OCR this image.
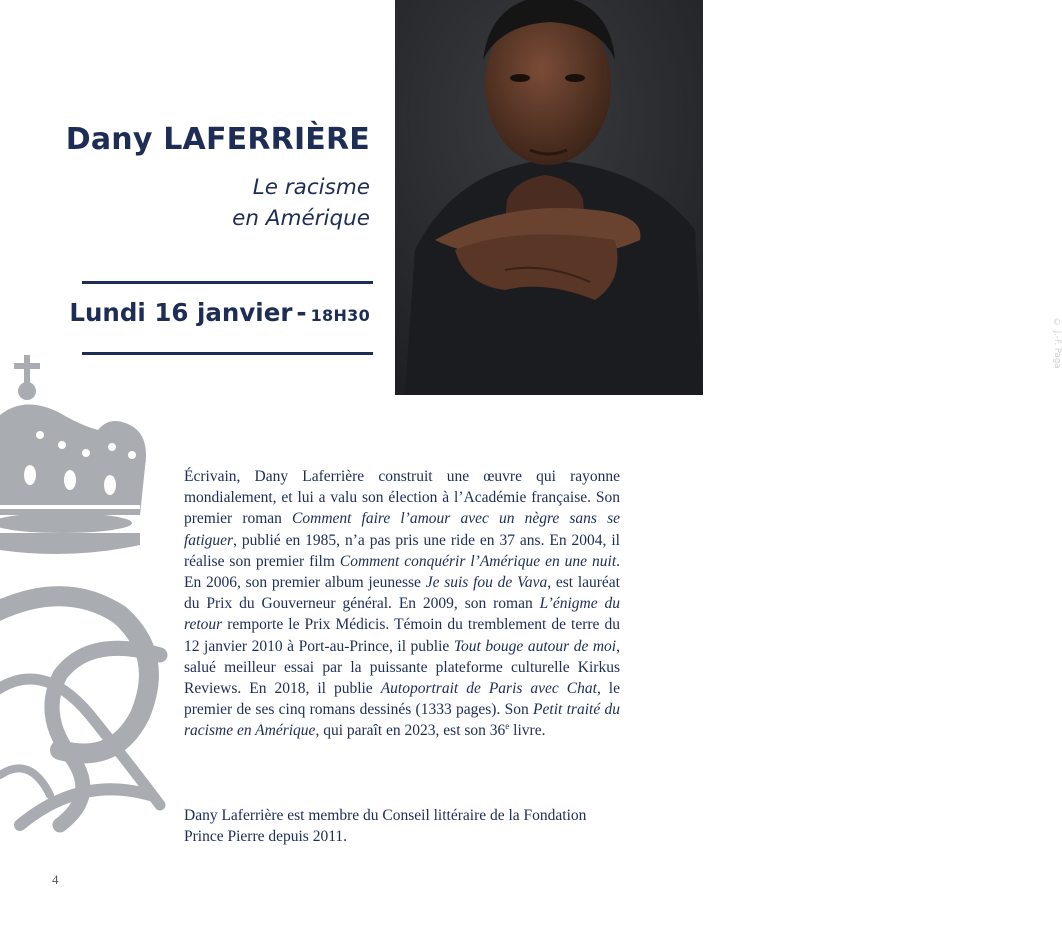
Dany LAFERRIÈRE
Le racisme
en Amérique
Lundi 16 janvier - 18H30
© J.-F. Paga

Écrivain, Dany Laferrière construit une œuvre qui rayonne mondialement, et lui a valu son élection à l’Académie française. Son premier roman Comment faire l’amour avec un nègre sans se fatiguer, publié en 1985, n’a pas pris une ride en 37 ans. En 2004, il réalise son premier film Comment conquérir l’Amérique en une nuit. En 2006, son premier album jeunesse Je suis fou de Vava, est lauréat du Prix du Gouverneur général. En 2009, son roman L’énigme du retour remporte le Prix Médicis. Témoin du tremblement de terre du 12 janvier 2010 à Port-au-Prince, il publie Tout bouge autour de moi, salué meilleur essai par la puissante plateforme culturelle Kirkus Reviews. En 2018, il publie Autoportrait de Paris avec Chat, le premier de ses cinq romans dessinés (1333 pages). Son Petit traité du racisme en Amérique, qui paraît en 2023, est son 36e livre.

Dany Laferrière est membre du Conseil littéraire de la Fondation Prince Pierre depuis 2011.

4
